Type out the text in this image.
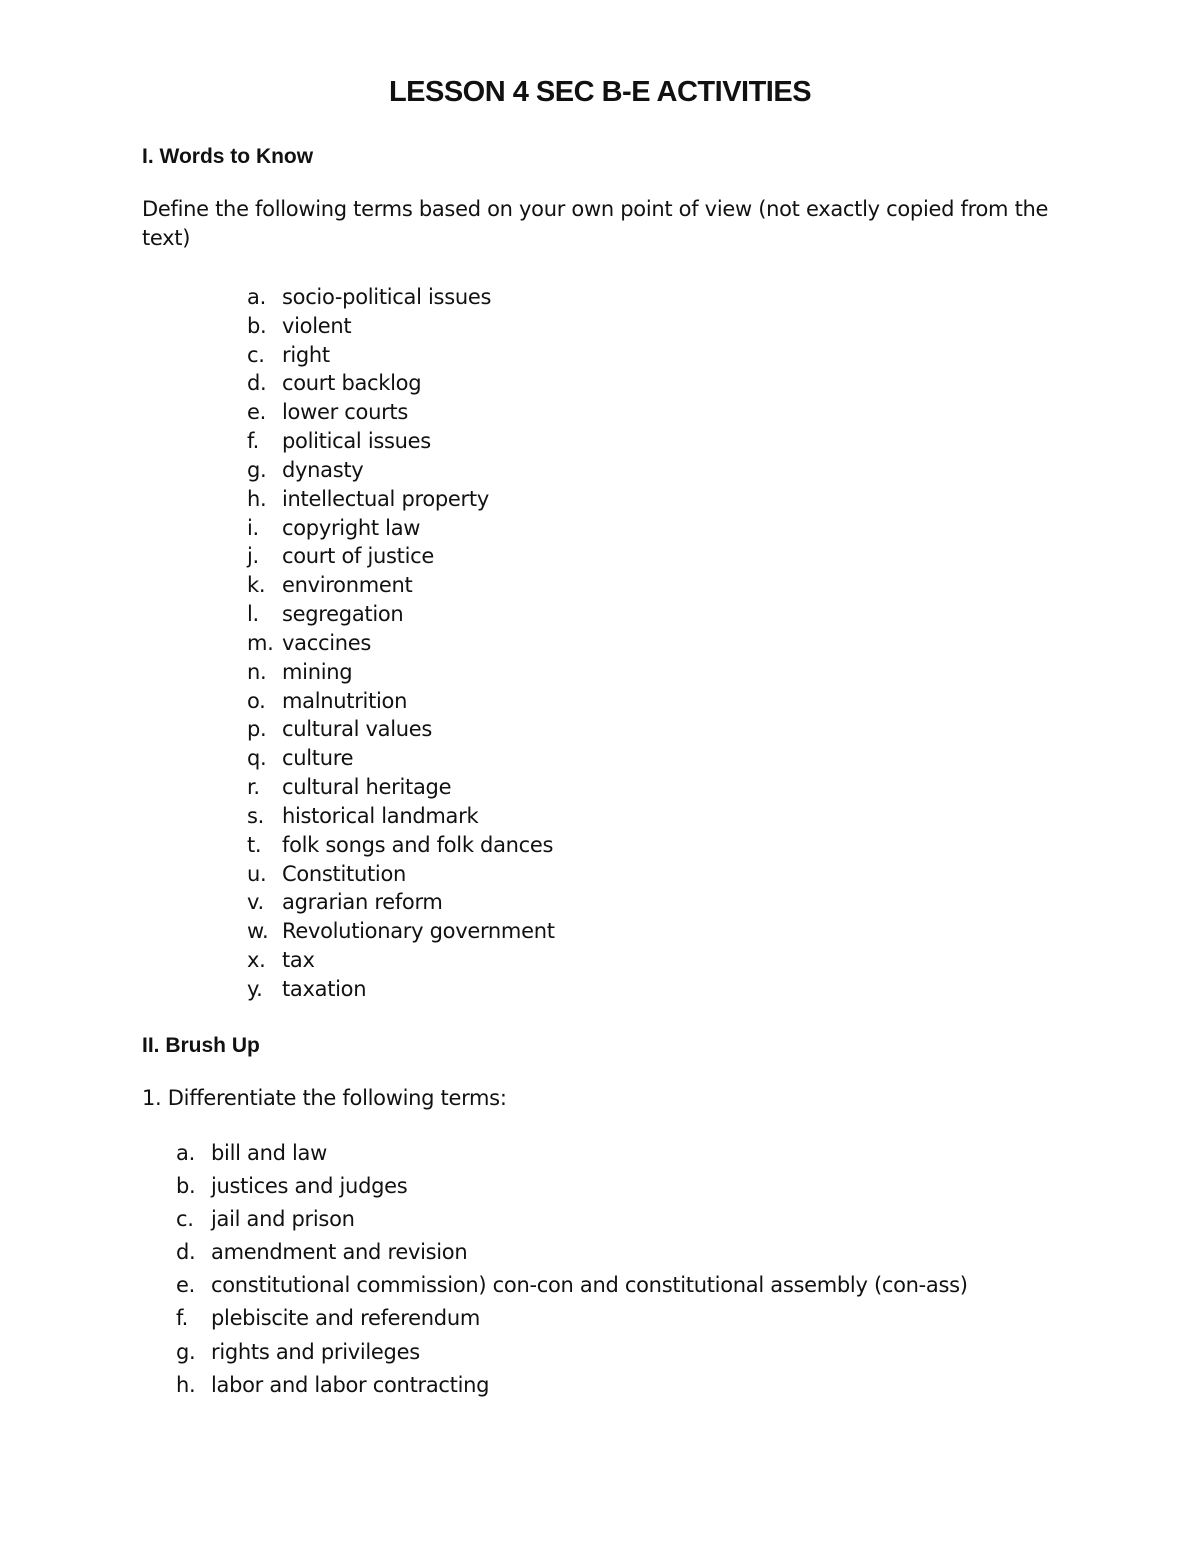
LESSON 4 SEC B-E ACTIVITIES
I. Words to Know

Define the following terms based on your own point of view (not exactly copied from the text)

a. socio-political issues
b. violent
c. right
d. court backlog
e. lower courts
f. political issues
g. dynasty
h. intellectual property
i. copyright law
j. court of justice
k. environment
l. segregation
m. vaccines
n. mining
o. malnutrition
p. cultural values
q. culture
r. cultural heritage
s. historical landmark
t. folk songs and folk dances
u. Constitution
v. agrarian reform
w. Revolutionary government
x. tax
y. taxation
II. Brush Up

1. Differentiate the following terms:

a. bill and law
b. justices and judges
c. jail and prison
d. amendment and revision
e. constitutional commission) con-con and constitutional assembly (con-ass)
f. plebiscite and referendum
g. rights and privileges
h. labor and labor contracting
